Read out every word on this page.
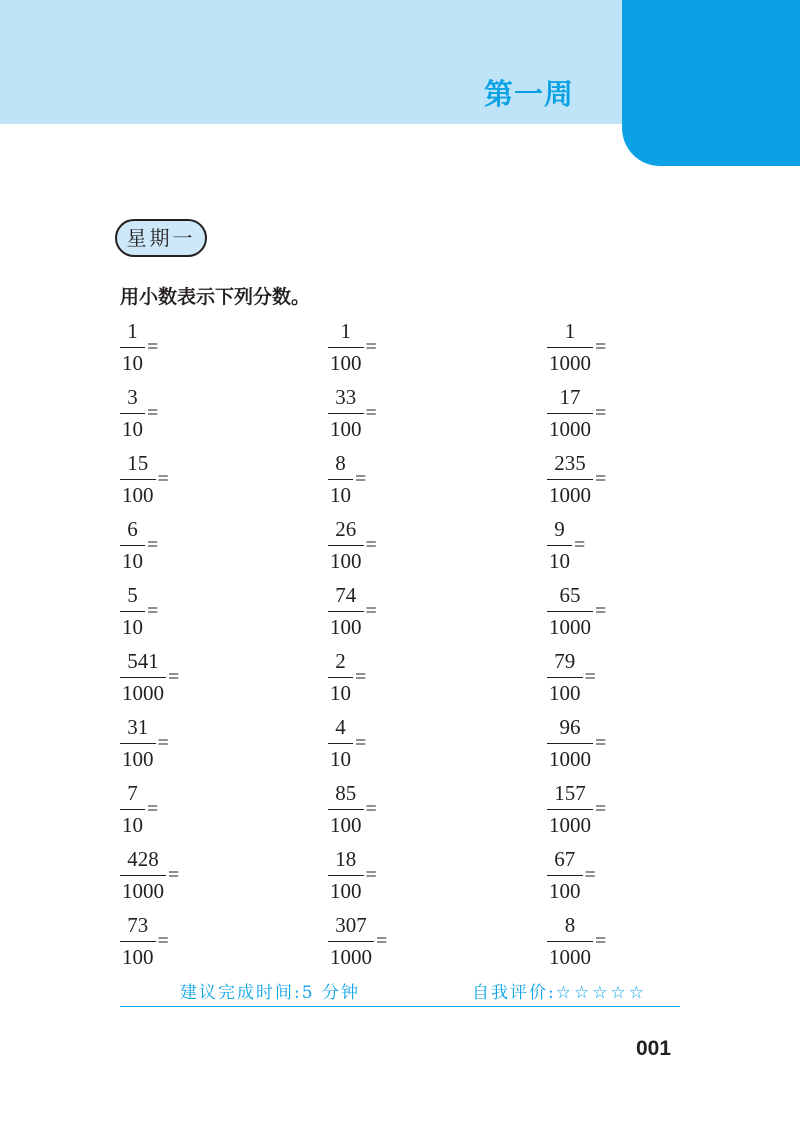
第一周
星期一
用小数表示下列分数。
1
10
=
3
10
=
15
100
=
6
10
=
5
10
=
541
1000
=
31
100
=
7
10
=
428
1000
=
73
100
=
1
100
=
33
100
=
8
10
=
26
100
=
74
100
=
2
10
=
4
10
=
85
100
=
18
100
=
307
1000
=
1
1000
=
17
1000
=
235
1000
=
9
10
=
65
1000
=
79
100
=
96
1000
=
157
1000
=
67
100
=
8
1000
=
建议完成时间:5 分钟	自我评价:☆☆☆☆☆
001
